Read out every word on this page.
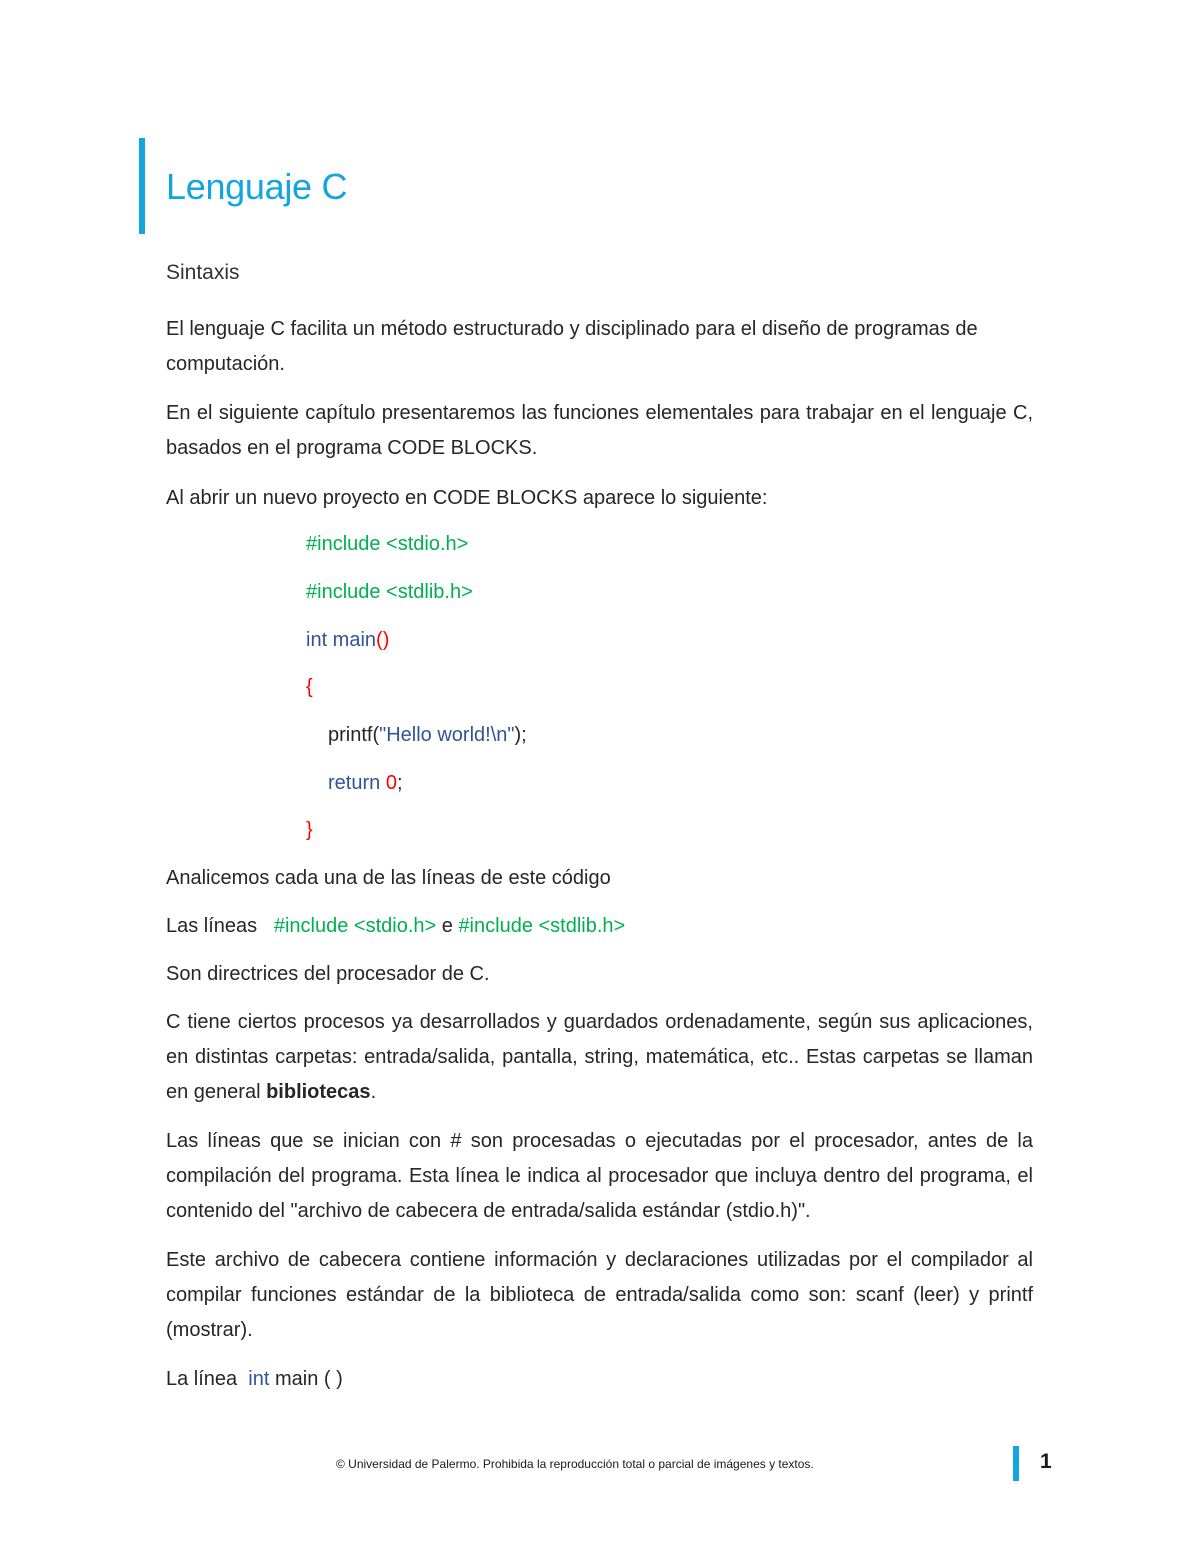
Lenguaje C
Sintaxis
El lenguaje C facilita un método estructurado y disciplinado para el diseño de programas de computación.
En el siguiente capítulo presentaremos las funciones elementales para trabajar en el lenguaje C, basados en el programa CODE BLOCKS.
Al abrir un nuevo proyecto en CODE BLOCKS aparece lo siguiente:
#include <stdio.h>
#include <stdlib.h>
int main()
{
printf("Hello world!\n");
return 0;
}
Analicemos cada una de las líneas de este código
Las líneas   #include <stdio.h> e #include <stdlib.h>
Son directrices del procesador de C.
C tiene ciertos procesos ya desarrollados y guardados ordenadamente, según sus aplicaciones, en distintas carpetas: entrada/salida, pantalla, string, matemática, etc.. Estas carpetas se llaman en general bibliotecas.
Las líneas que se inician con # son procesadas o ejecutadas por el procesador, antes de la compilación del programa. Esta línea le indica al procesador que incluya dentro del programa, el contenido del "archivo de cabecera de entrada/salida estándar (stdio.h)".
Este archivo de cabecera contiene información y declaraciones utilizadas por el compilador al compilar funciones estándar de la biblioteca de entrada/salida como son: scanf (leer) y printf (mostrar).
La línea  int main ( )
© Universidad de Palermo. Prohibida la reproducción total o parcial de imágenes y textos.	1
